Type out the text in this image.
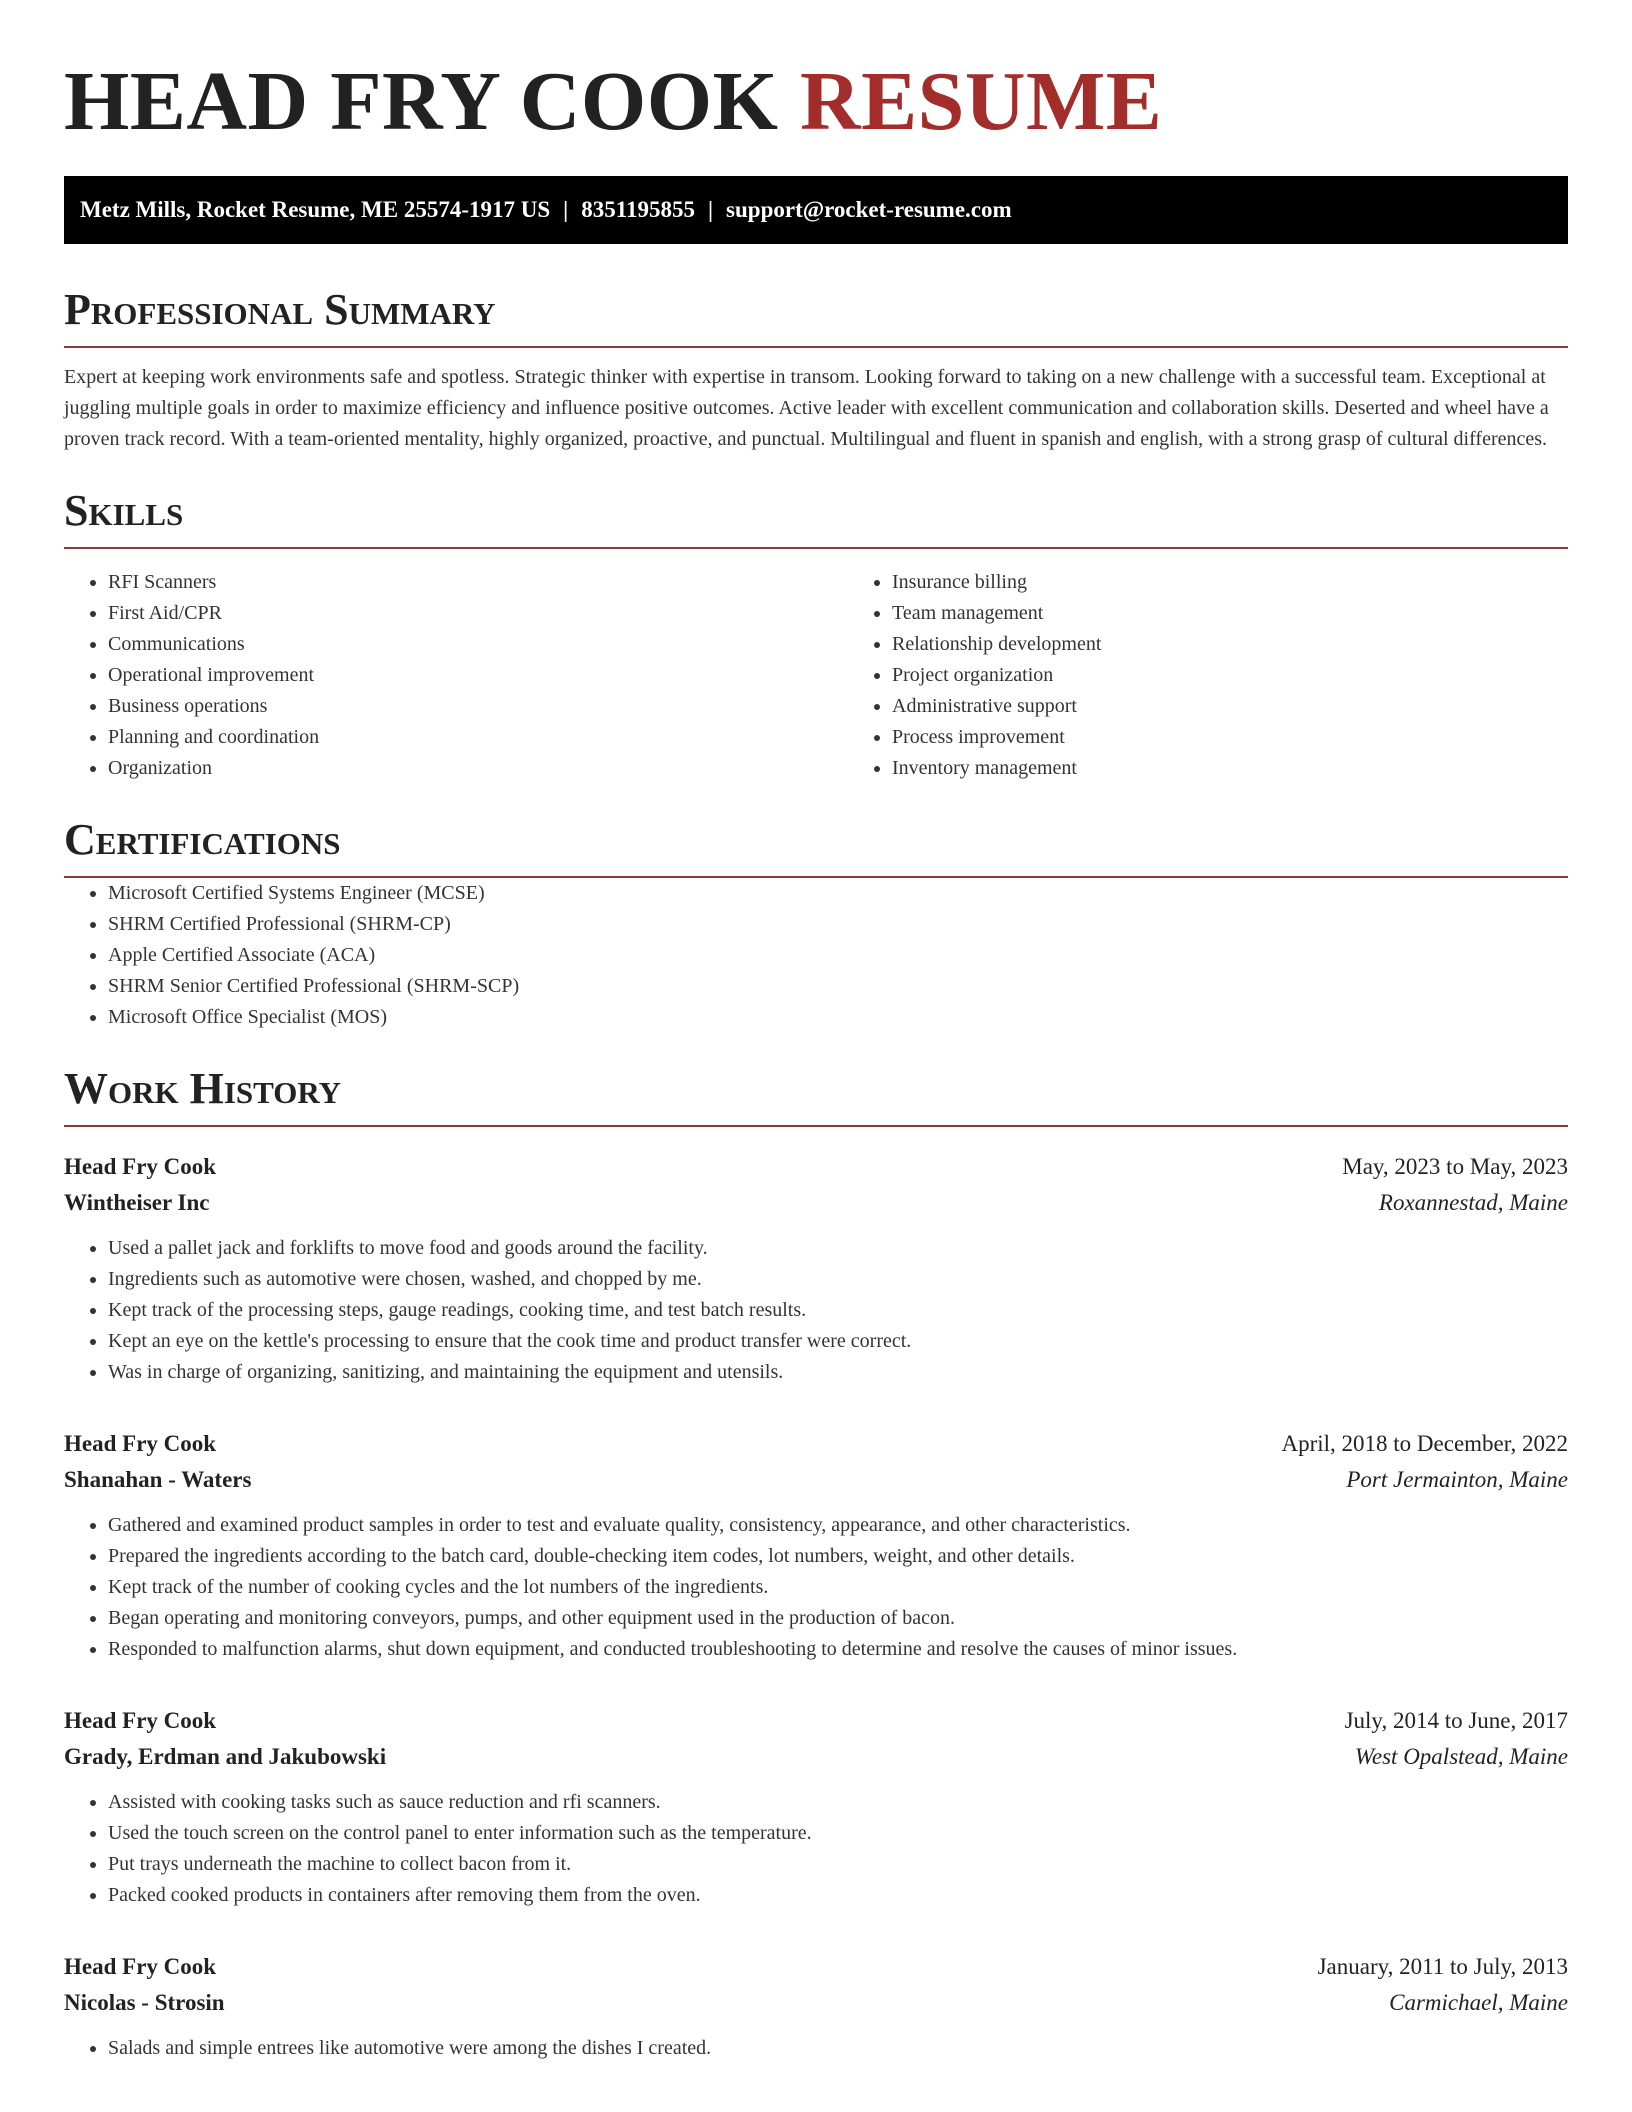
HEAD FRY COOK RESUME
Metz Mills, Rocket Resume, ME 25574-1917 US | 8351195855 | support@rocket-resume.com
Professional Summary

Expert at keeping work environments safe and spotless. Strategic thinker with expertise in transom. Looking forward to taking on a new challenge with a successful team. Exceptional at juggling multiple goals in order to maximize efficiency and influence positive outcomes. Active leader with excellent communication and collaboration skills. Deserted and wheel have a proven track record. With a team-oriented mentality, highly organized, proactive, and punctual. Multilingual and fluent in spanish and english, with a strong grasp of cultural differences.

Skills
• RFI Scanners
• First Aid/CPR
• Communications
• Operational improvement
• Business operations
• Planning and coordination
• Organization
• Insurance billing
• Team management
• Relationship development
• Project organization
• Administrative support
• Process improvement
• Inventory management
Certifications
• Microsoft Certified Systems Engineer (MCSE)
• SHRM Certified Professional (SHRM-CP)
• Apple Certified Associate (ACA)
• SHRM Senior Certified Professional (SHRM-SCP)
• Microsoft Office Specialist (MOS)
Work History
Head Fry Cook	May, 2023 to May, 2023
Wintheiser Inc	Roxannestad, Maine
• Used a pallet jack and forklifts to move food and goods around the facility.
• Ingredients such as automotive were chosen, washed, and chopped by me.
• Kept track of the processing steps, gauge readings, cooking time, and test batch results.
• Kept an eye on the kettle's processing to ensure that the cook time and product transfer were correct.
• Was in charge of organizing, sanitizing, and maintaining the equipment and utensils.
Head Fry Cook	April, 2018 to December, 2022
Shanahan - Waters	Port Jermainton, Maine
• Gathered and examined product samples in order to test and evaluate quality, consistency, appearance, and other characteristics.
• Prepared the ingredients according to the batch card, double-checking item codes, lot numbers, weight, and other details.
• Kept track of the number of cooking cycles and the lot numbers of the ingredients.
• Began operating and monitoring conveyors, pumps, and other equipment used in the production of bacon.
• Responded to malfunction alarms, shut down equipment, and conducted troubleshooting to determine and resolve the causes of minor issues.
Head Fry Cook	July, 2014 to June, 2017
Grady, Erdman and Jakubowski	West Opalstead, Maine
• Assisted with cooking tasks such as sauce reduction and rfi scanners.
• Used the touch screen on the control panel to enter information such as the temperature.
• Put trays underneath the machine to collect bacon from it.
• Packed cooked products in containers after removing them from the oven.
Head Fry Cook	January, 2011 to July, 2013
Nicolas - Strosin	Carmichael, Maine
• Salads and simple entrees like automotive were among the dishes I created.
